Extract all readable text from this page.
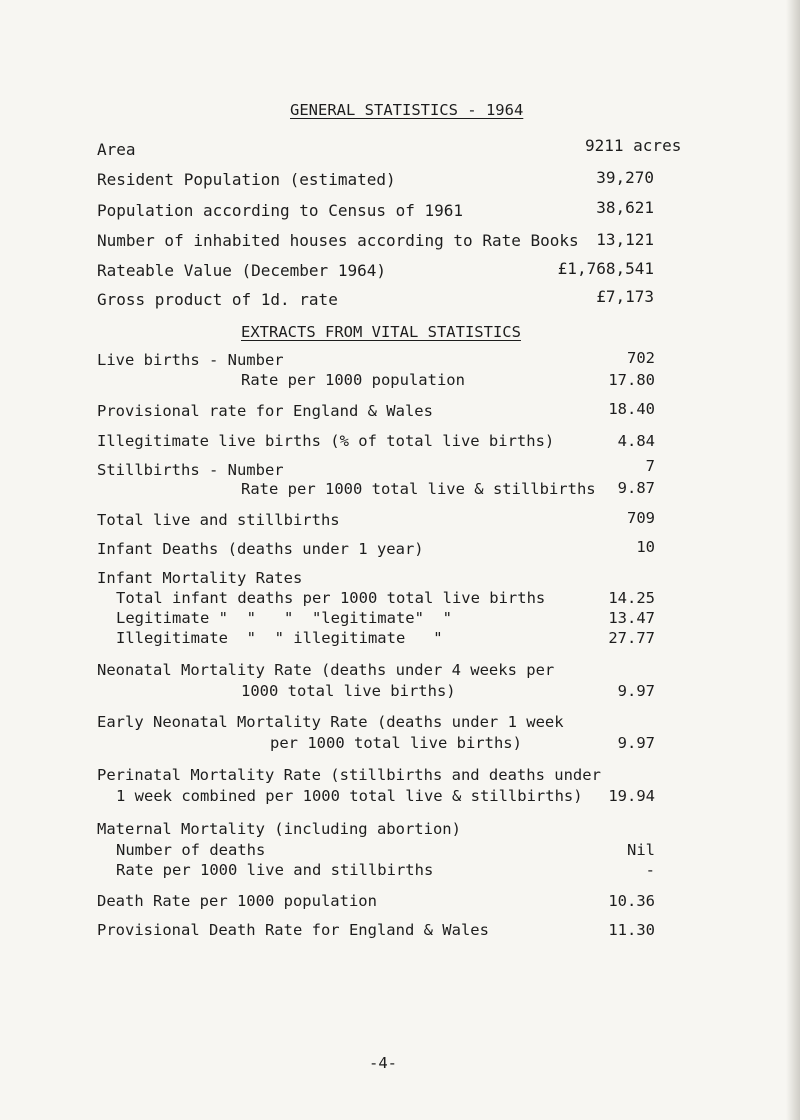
GENERAL STATISTICS - 1964
Area	9211 acres
Resident Population (estimated)	39,270
Population according to Census of 1961	38,621
Number of inhabited houses according to Rate Books 13,121
Rateable Value (December 1964)	£1,768,541
Gross product of 1d. rate	£7,173
EXTRACTS FROM VITAL STATISTICS
Live births - Number	702
Rate per 1000 population	17.80
Provisional rate for England & Wales	18.40
Illegitimate live births (% of total live births)	4.84
Stillbirths - Number	7
Rate per 1000 total live & stillbirths 9.87
Total live and stillbirths	709
Infant Deaths (deaths under 1 year)	10
Infant Mortality Rates
Total infant deaths per 1000 total live births	14.25
Legitimate "  "   "  "legitimate"  "	13.47
Illegitimate  "  " illegitimate   "	27.77
Neonatal Mortality Rate (deaths under 4 weeks per
1000 total live births)	9.97
Early Neonatal Mortality Rate (deaths under 1 week
per 1000 total live births)	9.97
Perinatal Mortality Rate (stillbirths and deaths under
1 week combined per 1000 total live & stillbirths) 19.94
Maternal Mortality (including abortion)
Number of deaths	Nil
Rate per 1000 live and stillbirths	-
Death Rate per 1000 population	10.36
Provisional Death Rate for England & Wales	11.30
-4-
